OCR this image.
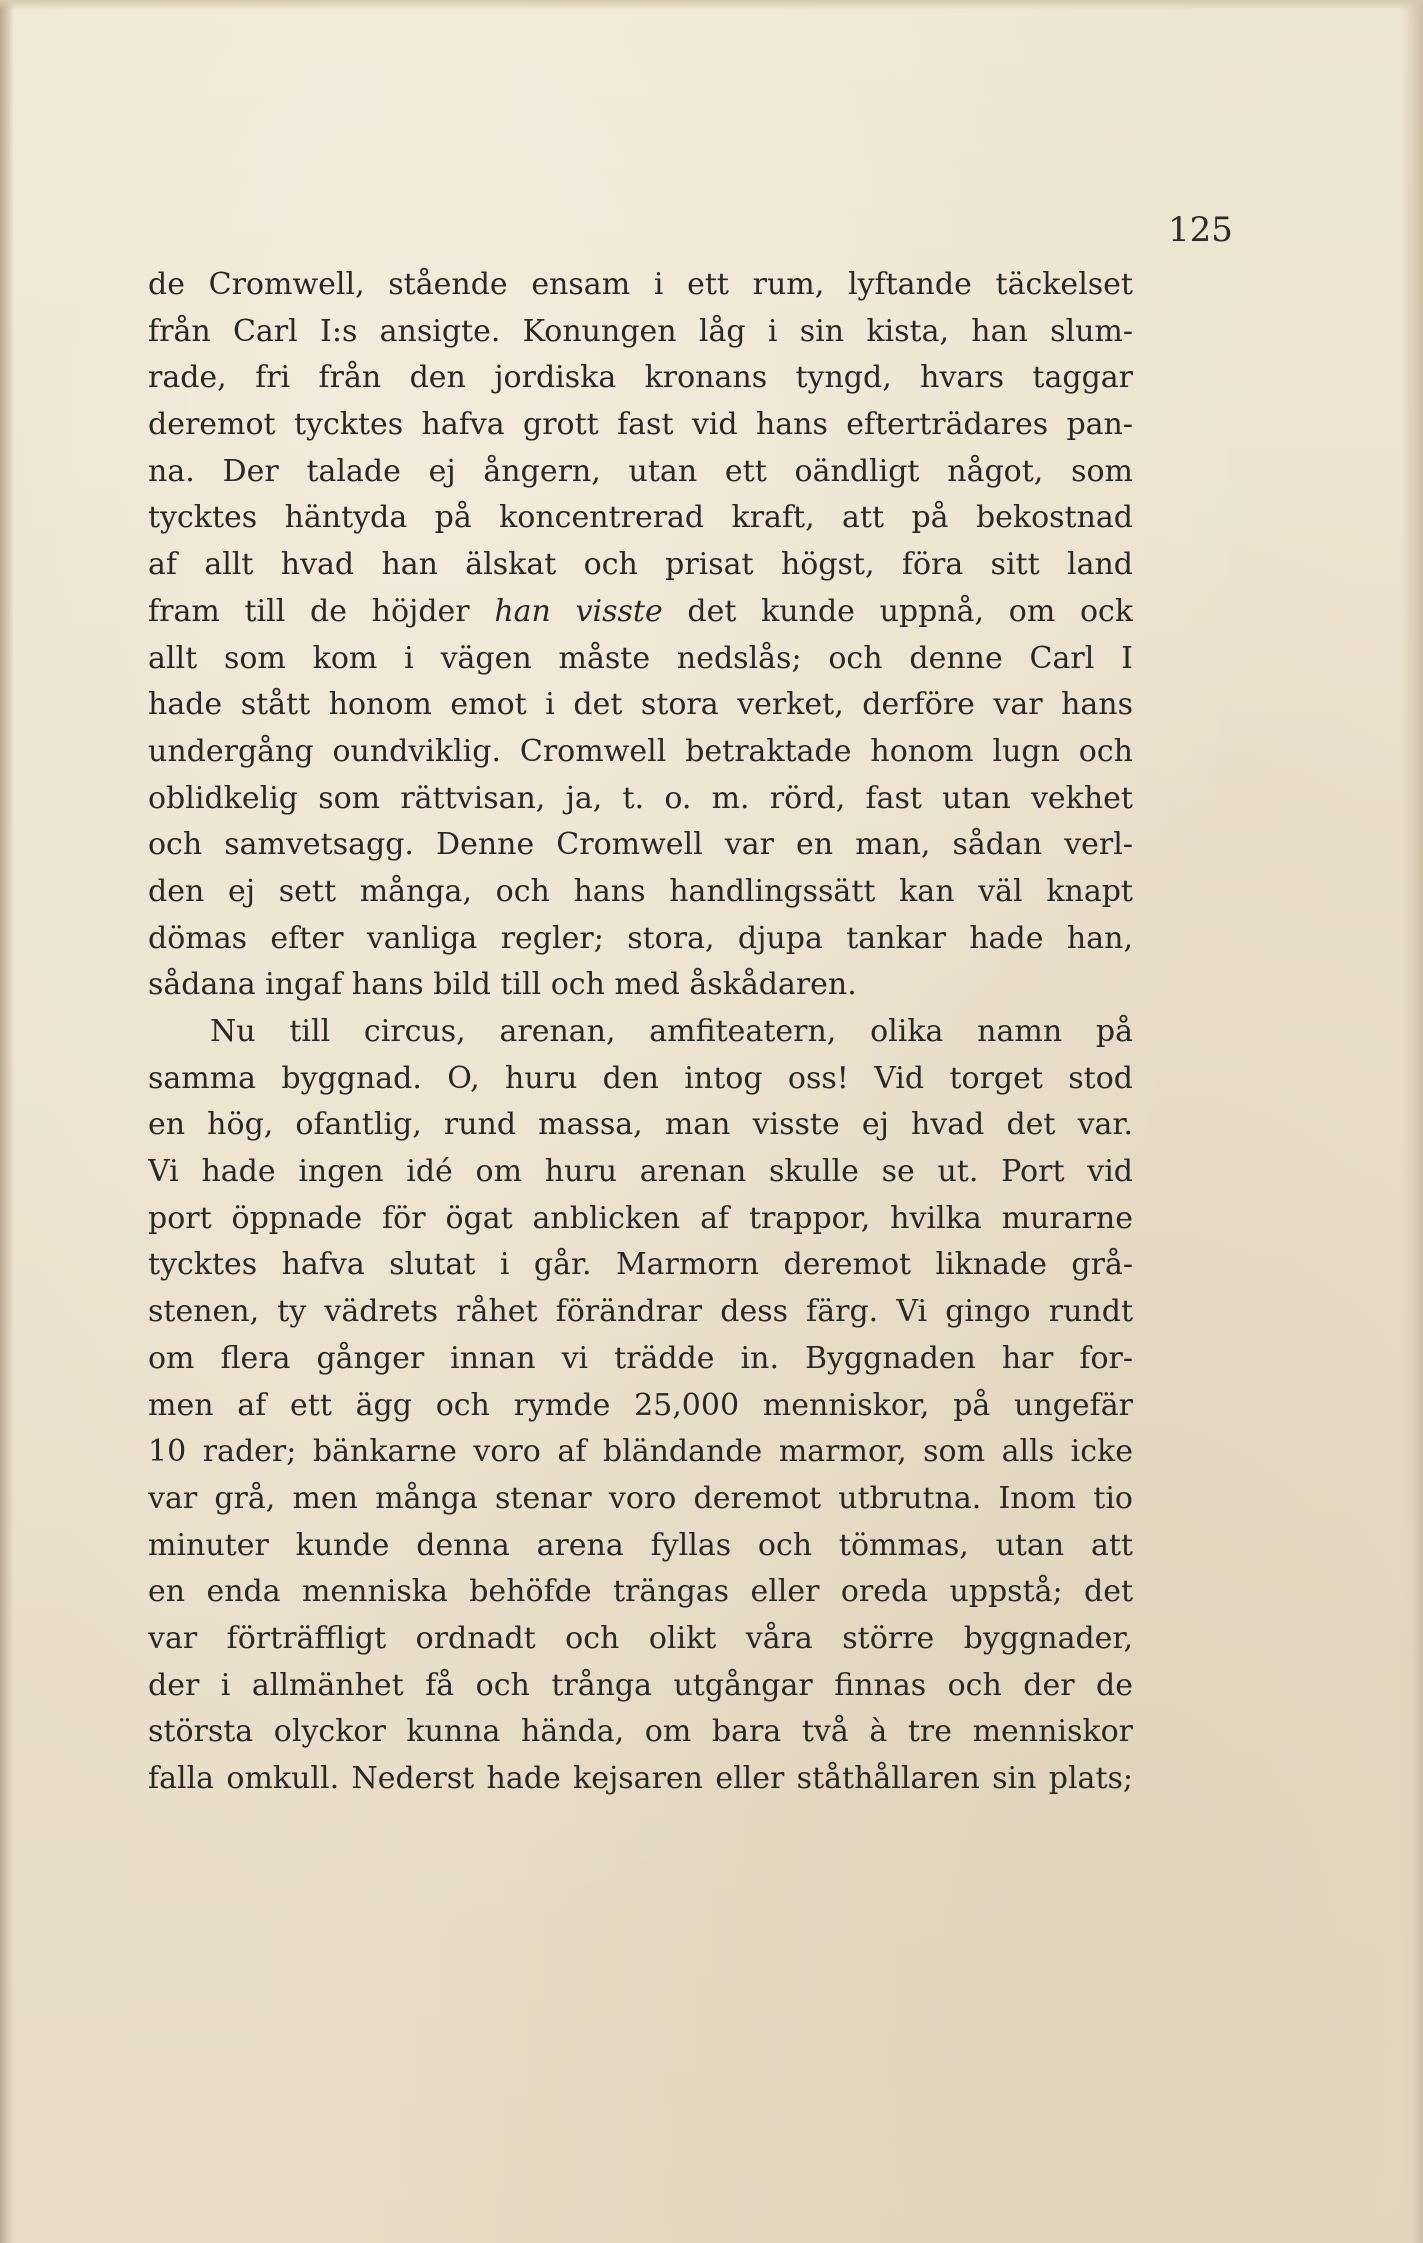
125
de Cromwell, stående ensam i ett rum, lyftande täckelset
från Carl I:s ansigte. Konungen låg i sin kista, han slum-
rade, fri från den jordiska kronans tyngd, hvars taggar
deremot tycktes hafva grott fast vid hans efterträdares pan-
na. Der talade ej ångern, utan ett oändligt något, som
tycktes häntyda på koncentrerad kraft, att på bekostnad
af allt hvad han älskat och prisat högst, föra sitt land
fram till de höjder han visste det kunde uppnå, om ock
allt som kom i vägen måste nedslås; och denne Carl I
hade stått honom emot i det stora verket, derföre var hans
undergång oundviklig. Cromwell betraktade honom lugn och
oblidkelig som rättvisan, ja, t. o. m. rörd, fast utan vekhet
och samvetsagg. Denne Cromwell var en man, sådan verl-
den ej sett många, och hans handlingssätt kan väl knapt
dömas efter vanliga regler; stora, djupa tankar hade han,
sådana ingaf hans bild till och med åskådaren.
Nu till circus, arenan, amfiteatern, olika namn på
samma byggnad. O, huru den intog oss! Vid torget stod
en hög, ofantlig, rund massa, man visste ej hvad det var.
Vi hade ingen idé om huru arenan skulle se ut. Port vid
port öppnade för ögat anblicken af trappor, hvilka murarne
tycktes hafva slutat i går. Marmorn deremot liknade grå-
stenen, ty vädrets råhet förändrar dess färg. Vi gingo rundt
om flera gånger innan vi trädde in. Byggnaden har for-
men af ett ägg och rymde 25,000 menniskor, på ungefär
10 rader; bänkarne voro af bländande marmor, som alls icke
var grå, men många stenar voro deremot utbrutna. Inom tio
minuter kunde denna arena fyllas och tömmas, utan att
en enda menniska behöfde trängas eller oreda uppstå; det
var förträffligt ordnadt och olikt våra större byggnader,
der i allmänhet få och trånga utgångar finnas och der de
största olyckor kunna hända, om bara två à tre menniskor
falla omkull. Nederst hade kejsaren eller ståthållaren sin plats;
